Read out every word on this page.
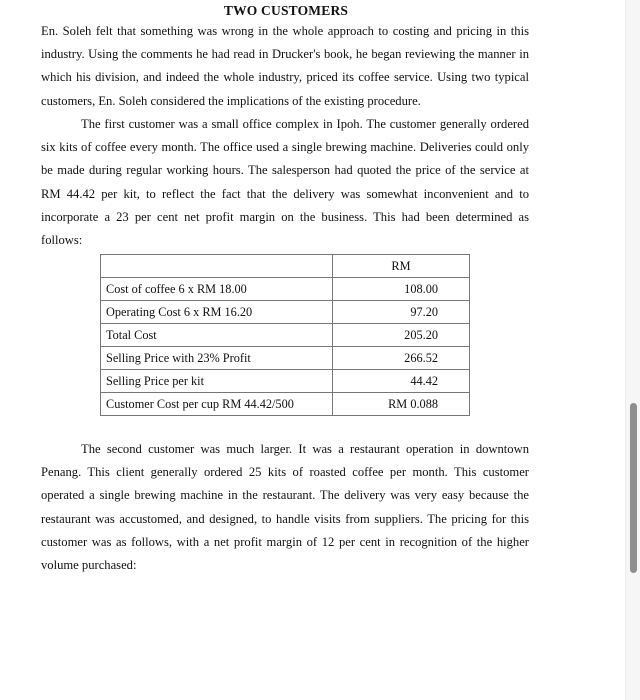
TWO CUSTOMERS

En. Soleh felt that something was wrong in the whole approach to costing and pricing in this industry. Using the comments he had read in Drucker's book, he began reviewing the manner in which his division, and indeed the whole industry, priced its coffee service. Using two typical customers, En. Soleh considered the implications of the existing procedure.

The first customer was a small office complex in Ipoh. The customer generally ordered six kits of coffee every month. The office used a single brewing machine. Deliveries could only be made during regular working hours. The salesperson had quoted the price of the service at RM 44.42 per kit, to reflect the fact that the delivery was somewhat inconvenient and to incorporate a 23 per cent net profit margin on the business. This had been determined as follows:

	RM
Cost of coffee 6 x RM 18.00	108.00
Operating Cost 6 x RM 16.20	97.20
Total Cost	205.20
Selling Price with 23% Profit	266.52
Selling Price per kit	44.42
Customer Cost per cup RM 44.42/500	RM 0.088

The second customer was much larger. It was a restaurant operation in downtown Penang. This client generally ordered 25 kits of roasted coffee per month. This customer operated a single brewing machine in the restaurant. The delivery was very easy because the restaurant was accustomed, and designed, to handle visits from suppliers. The pricing for this customer was as follows, with a net profit margin of 12 per cent in recognition of the higher volume purchased:
